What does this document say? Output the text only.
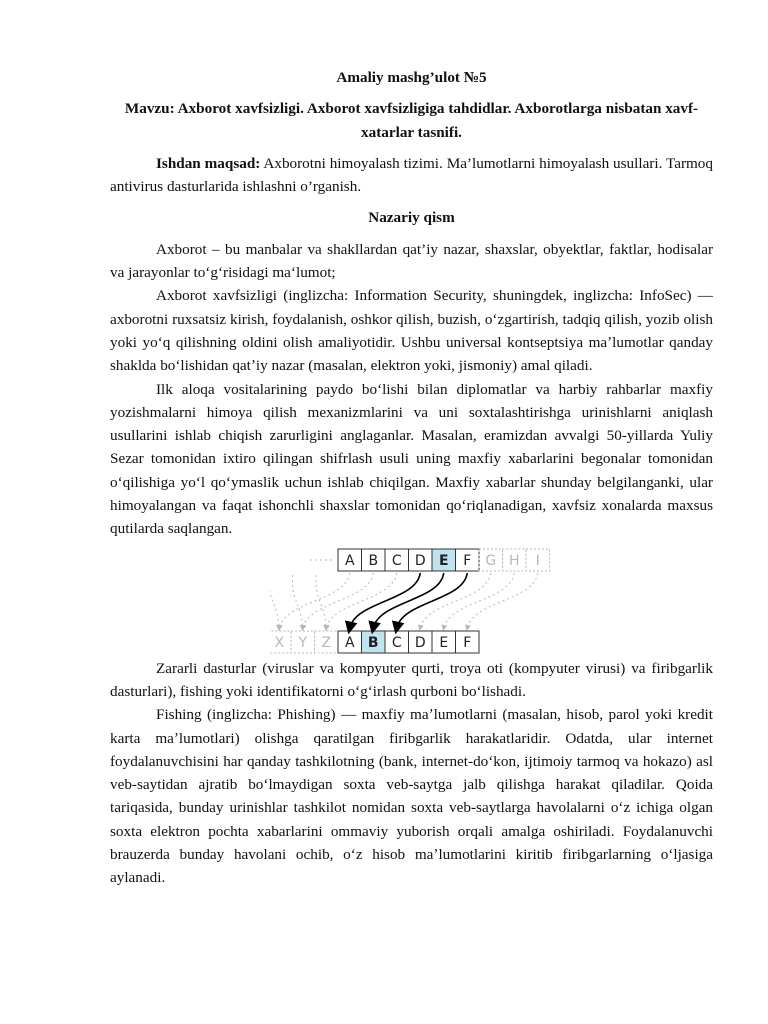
Amaliy mashg’ulot №5

Mavzu: Axborot xavfsizligi. Axborot xavfsizligiga tahdidlar. Axborotlarga nisbatan xavf-xatarlar tasnifi.

Ishdan maqsad: Axborotni himoyalash tizimi. Ma’lumotlarni himoyalash usullari. Tarmoq antivirus dasturlarida ishlashni o’rganish.

Nazariy qism

Axborot – bu manbalar va shakllardan qat’iy nazar, shaxslar, obyektlar, faktlar, hodisalar va jarayonlar toʻgʻrisidagi maʻlumot;

Axborot xavfsizligi (inglizcha: Information Security, shuningdek, inglizcha: InfoSec) — axborotni ruxsatsiz kirish, foydalanish, oshkor qilish, buzish, oʻzgartirish, tadqiq qilish, yozib olish yoki yoʻq qilishning oldini olish amaliyotidir. Ushbu universal kontseptsiya maʼlumotlar qanday shaklda boʻlishidan qatʼiy nazar (masalan, elektron yoki, jismoniy) amal qiladi.

Ilk aloqa vositalarining paydo boʻlishi bilan diplomatlar va harbiy rahbarlar maxfiy yozishmalarni himoya qilish mexanizmlarini va uni soxtalashtirishga urinishlarni aniqlash usullarini ishlab chiqish zarurligini anglaganlar. Masalan, eramizdan avvalgi 50-yillarda Yuliy Sezar tomonidan ixtiro qilingan shifrlash usuli uning maxfiy xabarlarini begonalar tomonidan oʻqilishiga yoʻl qoʻymaslik uchun ishlab chiqilgan. Maxfiy xabarlar shunday belgilanganki, ular himoyalangan va faqat ishonchli shaxslar tomonidan qoʻriqlanadigan, xavfsiz xonalarda maxsus qutilarda saqlangan.

A B C D E F G H I
X Y Z A B C D E F

Zararli dasturlar (viruslar va kompyuter qurti, troya oti (kompyuter virusi) va firibgarlik dasturlari), fishing yoki identifikatorni oʻgʻirlash qurboni boʻlishadi.

Fishing (inglizcha: Phishing) — maxfiy maʼlumotlarni (masalan, hisob, parol yoki kredit karta maʼlumotlari) olishga qaratilgan firibgarlik harakatlaridir. Odatda, ular internet foydalanuvchisini har qanday tashkilotning (bank, internet-doʻkon, ijtimoiy tarmoq va hokazo) asl veb-saytidan ajratib boʻlmaydigan soxta veb-saytga jalb qilishga harakat qiladilar. Qoida tariqasida, bunday urinishlar tashkilot nomidan soxta veb-saytlarga havolalarni oʻz ichiga olgan soxta elektron pochta xabarlarini ommaviy yuborish orqali amalga oshiriladi. Foydalanuvchi brauzerda bunday havolani ochib, oʻz hisob maʼlumotlarini kiritib firibgarlarning oʻljasiga aylanadi.
